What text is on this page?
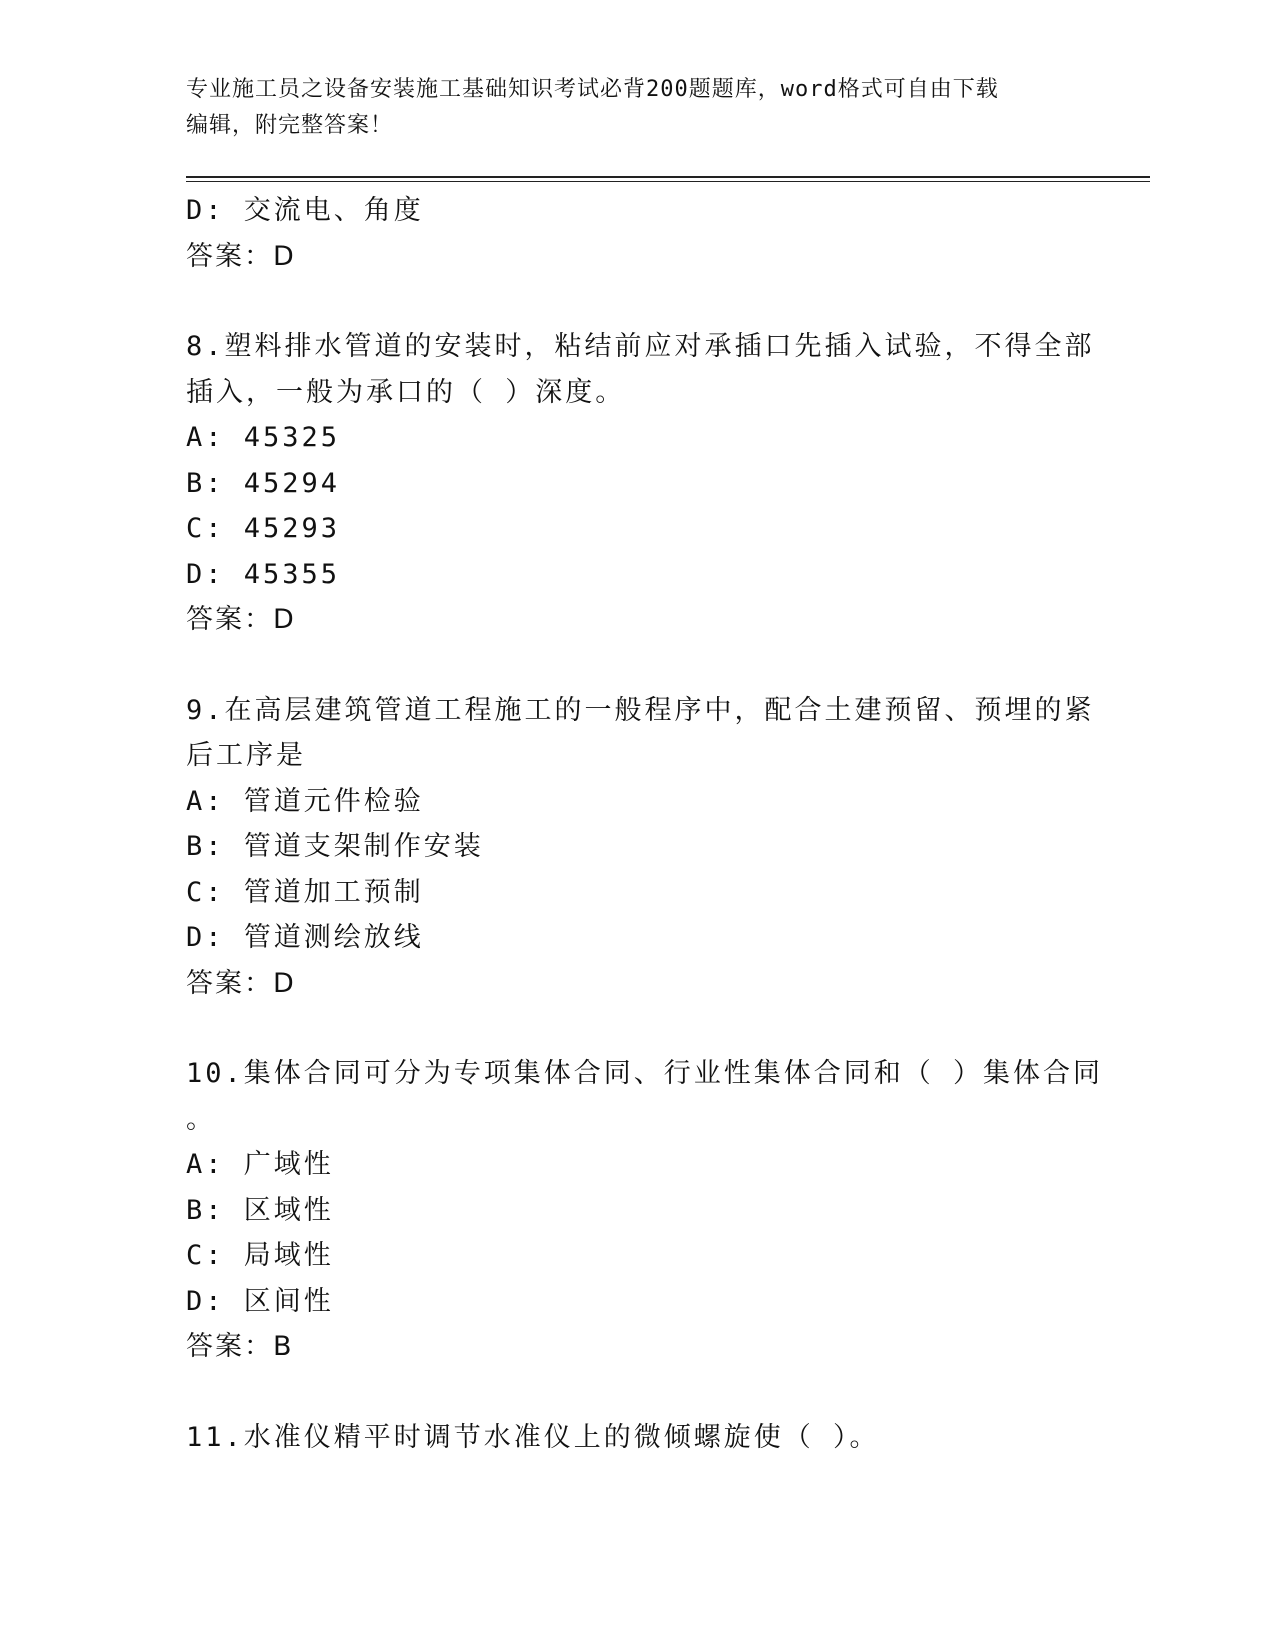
专业施工员之设备安装施工基础知识考试必背200题题库，word格式可自由下载
编辑，附完整答案！
D: 交流电、角度
答案：D
8.塑料排水管道的安装时，粘结前应对承插口先插入试验，不得全部
插入，一般为承口的（ ）深度。
A: 45325
B: 45294
C: 45293
D: 45355
答案：D
9.在高层建筑管道工程施工的一般程序中，配合土建预留、预埋的紧
后工序是
A: 管道元件检验
B: 管道支架制作安装
C: 管道加工预制
D: 管道测绘放线
答案：D
10.集体合同可分为专项集体合同、行业性集体合同和（ ）集体合同
。
A: 广域性
B: 区域性
C: 局域性
D: 区间性
答案：B
11.水准仪精平时调节水准仪上的微倾螺旋使（ ）。
